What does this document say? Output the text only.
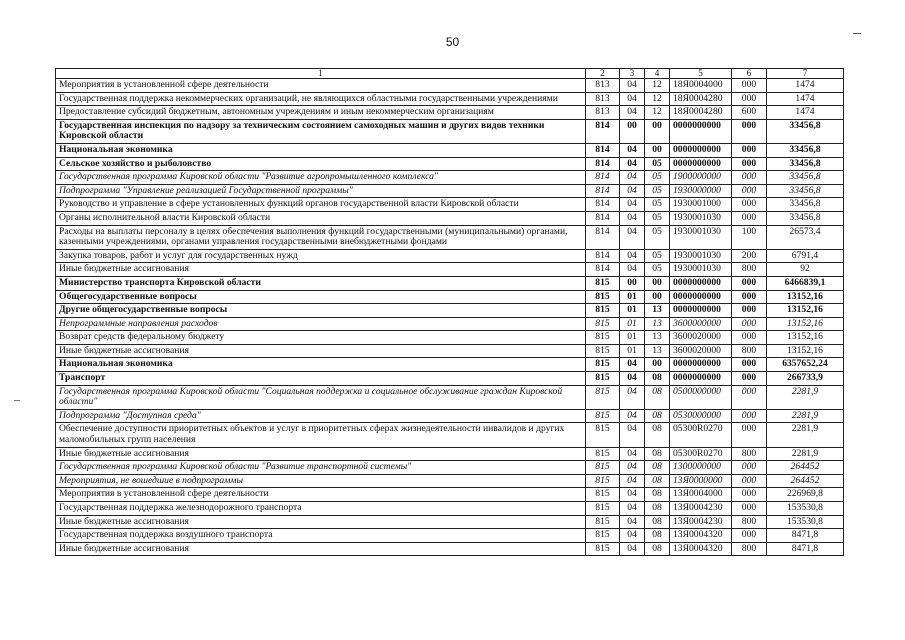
50
1	2	3	4	5	6	7
Мероприятия в установленной сфере деятельности	813	04	12	18Я0004000	000	1474
Государственная поддержка некоммерческих организаций, не являющихся областными государственными учреждениями	813	04	12	18Я0004280	000	1474
Предоставление субсидий бюджетным, автономным учреждениям и иным некоммерческим организациям	813	04	12	18Я0004280	600	1474
Государственная инспекция по надзору за техническим состоянием самоходных машин и других видов техники Кировской области	814	00	00	0000000000	000	33456,8
Национальная экономика	814	04	00	0000000000	000	33456,8
Сельское хозяйство и рыболовство	814	04	05	0000000000	000	33456,8
Государственная программа Кировской области "Развитие агропромышленного комплекса"	814	04	05	1900000000	000	33456,8
Подпрограмма "Управление реализацией Государственной программы"	814	04	05	1930000000	000	33456,8
Руководство и управление в сфере установленных функций органов государственной власти Кировской области	814	04	05	1930001000	000	33456,8
Органы исполнительной власти Кировской области	814	04	05	1930001030	000	33456,8
Расходы на выплаты персоналу в целях обеспечения выполнения функций государственными (муниципальными) органами, казенными учреждениями, органами управления государственными внебюджетными фондами	814	04	05	1930001030	100	26573,4
Закупка товаров, работ и услуг для государственных нужд	814	04	05	1930001030	200	6791,4
Иные бюджетные ассигнования	814	04	05	1930001030	800	92
Министерство транспорта Кировской области	815	00	00	0000000000	000	6466839,1
Общегосударственные вопросы	815	01	00	0000000000	000	13152,16
Другие общегосударственные вопросы	815	01	13	0000000000	000	13152,16
Непрограммные направления расходов	815	01	13	3600000000	000	13152,16
Возврат средств федеральному бюджету	815	01	13	3600020000	000	13152,16
Иные бюджетные ассигнования	815	01	13	3600020000	800	13152,16
Национальная экономика	815	04	00	0000000000	000	6357652,24
Транспорт	815	04	08	0000000000	000	266733,9
Государственная программа Кировской области "Социальная поддержка и социальное обслуживание граждан Кировской области"	815	04	08	0500000000	000	2281,9
Подпрограмма "Доступная среда"	815	04	08	0530000000	000	2281,9
Обеспечение доступности приоритетных объектов и услуг в приоритетных сферах жизнедеятельности инвалидов и других маломобильных групп населения	815	04	08	05300R0270	000	2281,9
Иные бюджетные ассигнования	815	04	08	05300R0270	800	2281,9
Государственная программа Кировской области "Развитие транспортной системы"	815	04	08	1300000000	000	264452
Мероприятия, не вошедшие в подпрограммы	815	04	08	13Я0000000	000	264452
Мероприятия в установленной сфере деятельности	815	04	08	13Я0004000	000	226969,8
Государственная поддержка железнодорожного транспорта	815	04	08	13Я0004230	000	153530,8
Иные бюджетные ассигнования	815	04	08	13Я0004230	800	153530,8
Государственная поддержка воздушного транспорта	815	04	08	13Я0004320	000	8471,8
Иные бюджетные ассигнования	815	04	08	13Я0004320	800	8471,8
